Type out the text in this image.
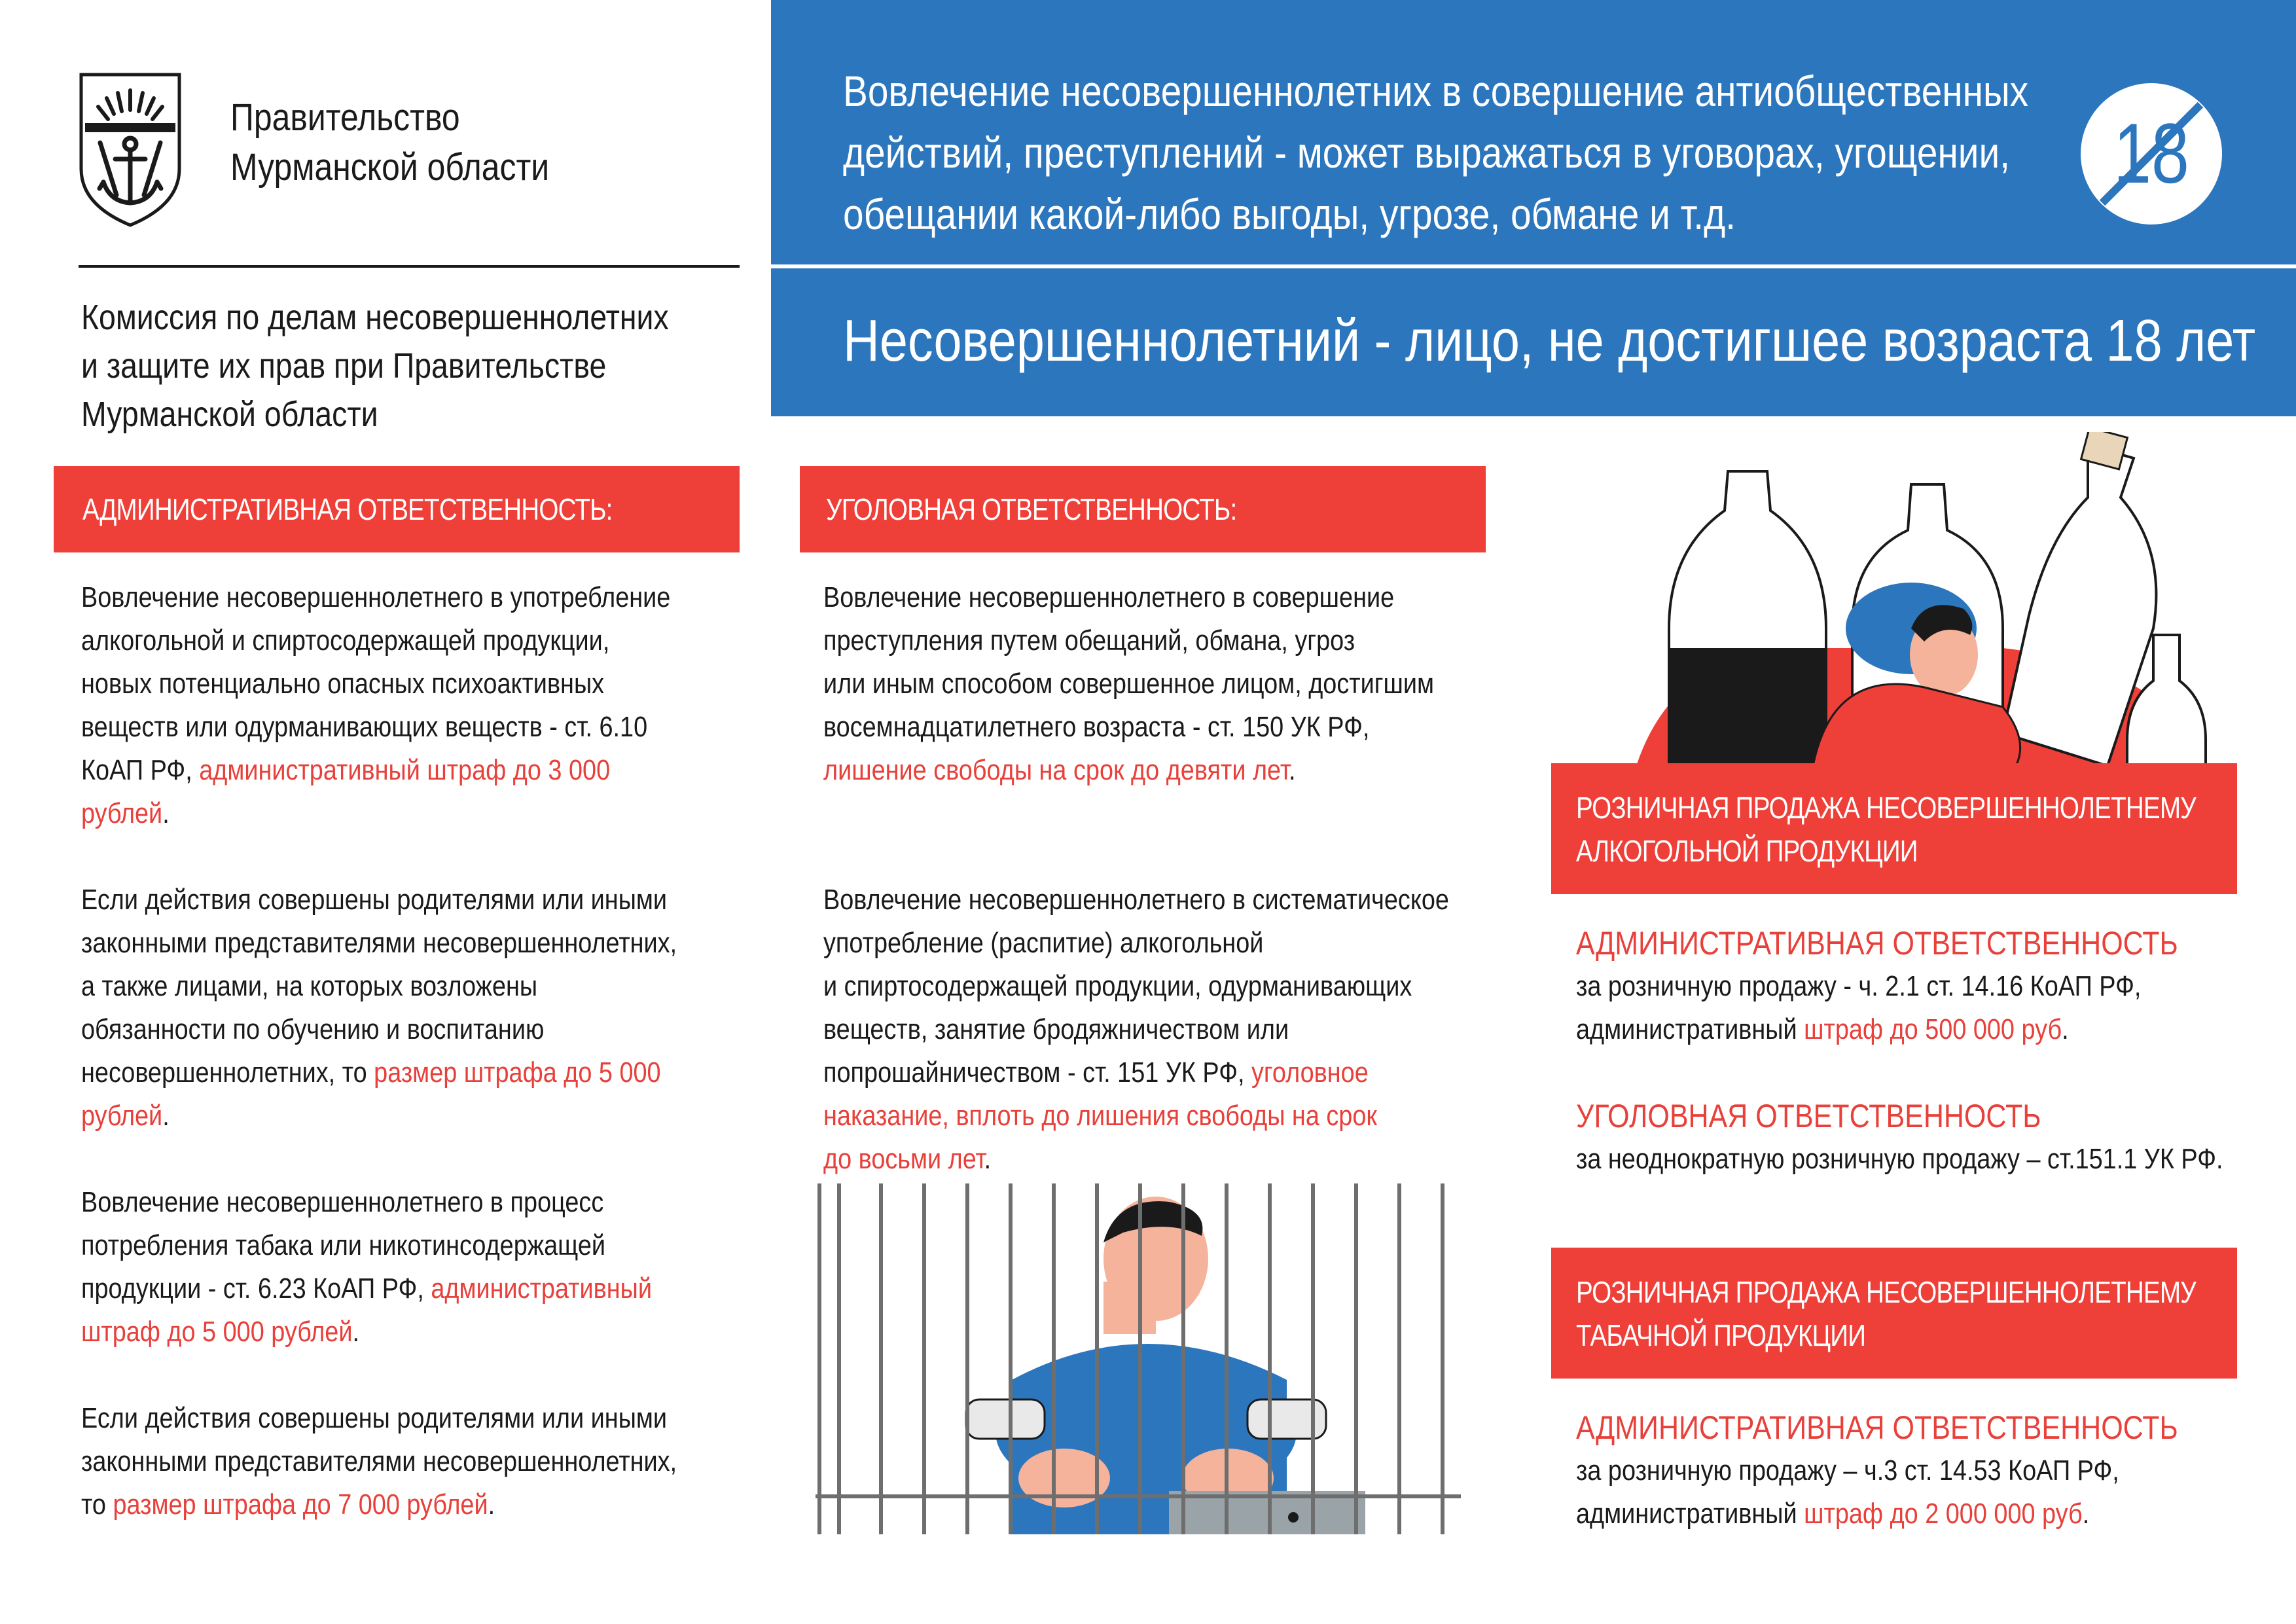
Правительство
Мурманской области
Комиссия по делам несовершеннолетних
и защите их прав при Правительстве
Мурманской области
Вовлечение несовершеннолетних в совершение антиобщественных
действий, преступлений - может выражаться в уговорах, угощении,
обещании какой-либо выгоды, угрозе, обмане и т.д.
18
Несовершеннолетний - лицо, не достигшее возраста 18 лет
АДМИНИСТРАТИВНАЯ ОТВЕТСТВЕННОСТЬ:
Вовлечение несовершеннолетнего в употребление
алкогольной и спиртосодержащей продукции,
новых потенциально опасных психоактивных
веществ или одурманивающих веществ - ст. 6.10
КоАП РФ, административный штраф до 3 000
рублей.
Если действия совершены родителями или иными
законными представителями несовершеннолетних,
а также лицами, на которых возложены
обязанности по обучению и воспитанию
несовершеннолетних, то размер штрафа до 5 000
рублей.
Вовлечение несовершеннолетнего в процесс
потребления табака или никотинсодержащей
продукции - ст. 6.23 КоАП РФ, административный
штраф до 5 000 рублей.
Если действия совершены родителями или иными
законными представителями несовершеннолетних,
то размер штрафа до 7 000 рублей.
УГОЛОВНАЯ ОТВЕТСТВЕННОСТЬ:
Вовлечение несовершеннолетнего в совершение
преступления путем обещаний, обмана, угроз
или иным способом совершенное лицом, достигшим
восемнадцатилетнего возраста - ст. 150 УК РФ,
лишение свободы на срок до девяти лет.
Вовлечение несовершеннолетнего в систематическое
употребление (распитие) алкогольной
и спиртосодержащей продукции, одурманивающих
веществ, занятие бродяжничеством или
попрошайничеством - ст. 151 УК РФ, уголовное
наказание, вплоть до лишения свободы на срок
до восьми лет.
РОЗНИЧНАЯ ПРОДАЖА НЕСОВЕРШЕННОЛЕТНЕМУ
АЛКОГОЛЬНОЙ ПРОДУКЦИИ
АДМИНИСТРАТИВНАЯ ОТВЕТСТВЕННОСТЬ
за розничную продажу - ч. 2.1 ст. 14.16 КоАП РФ,
административный штраф до 500 000 руб.
УГОЛОВНАЯ ОТВЕТСТВЕННОСТЬ
за неоднократную розничную продажу – ст.151.1 УК РФ.
РОЗНИЧНАЯ ПРОДАЖА НЕСОВЕРШЕННОЛЕТНЕМУ
ТАБАЧНОЙ ПРОДУКЦИИ
АДМИНИСТРАТИВНАЯ ОТВЕТСТВЕННОСТЬ
за розничную продажу – ч.3 ст. 14.53 КоАП РФ,
административный штраф до 2 000 000 руб.
